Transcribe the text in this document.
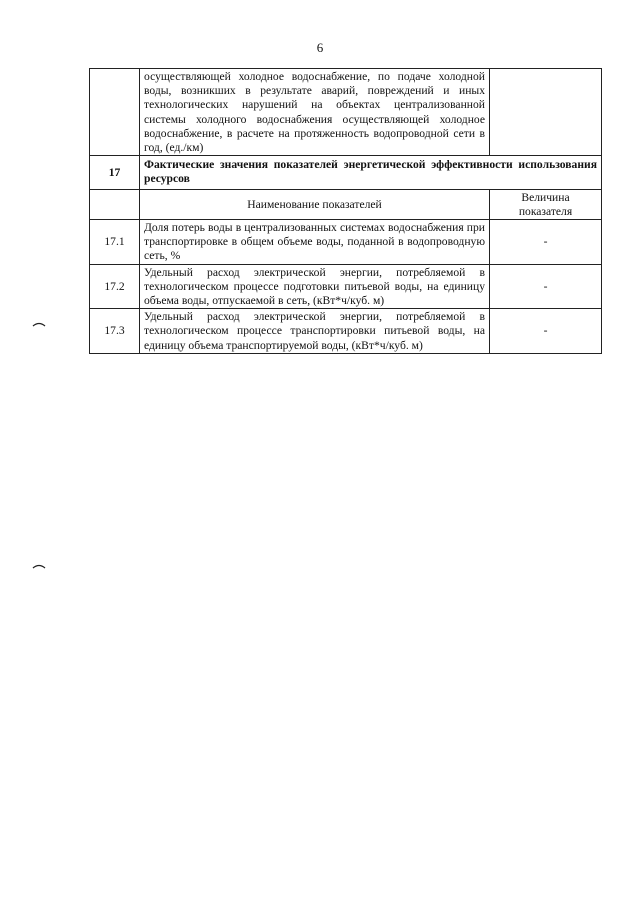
6
	осуществляющей холодное водоснабжение, по подаче холодной воды, возникших в результате аварий, повреждений и иных технологических нарушений на объектах централизованной системы холодного водоснабжения осуществляющей холодное водоснабжение, в расчете на протяженность водопроводной сети в год, (ед./км)	
17	Фактические значения показателей энергетической эффективности использования ресурсов	
	Наименование показателей	Величина показателя
17.1	Доля потерь воды в централизованных системах водоснабжения при транспортировке в общем объеме воды, поданной в водопроводную сеть, %	-
17.2	Удельный расход электрической энергии, потребляемой в технологическом процессе подготовки питьевой воды, на единицу объема воды, отпускаемой в сеть, (кВт*ч/куб. м)	-
17.3	Удельный расход электрической энергии, потребляемой в технологическом процессе транспортировки питьевой воды, на единицу объема транспортируемой воды, (кВт*ч/куб. м)	-
